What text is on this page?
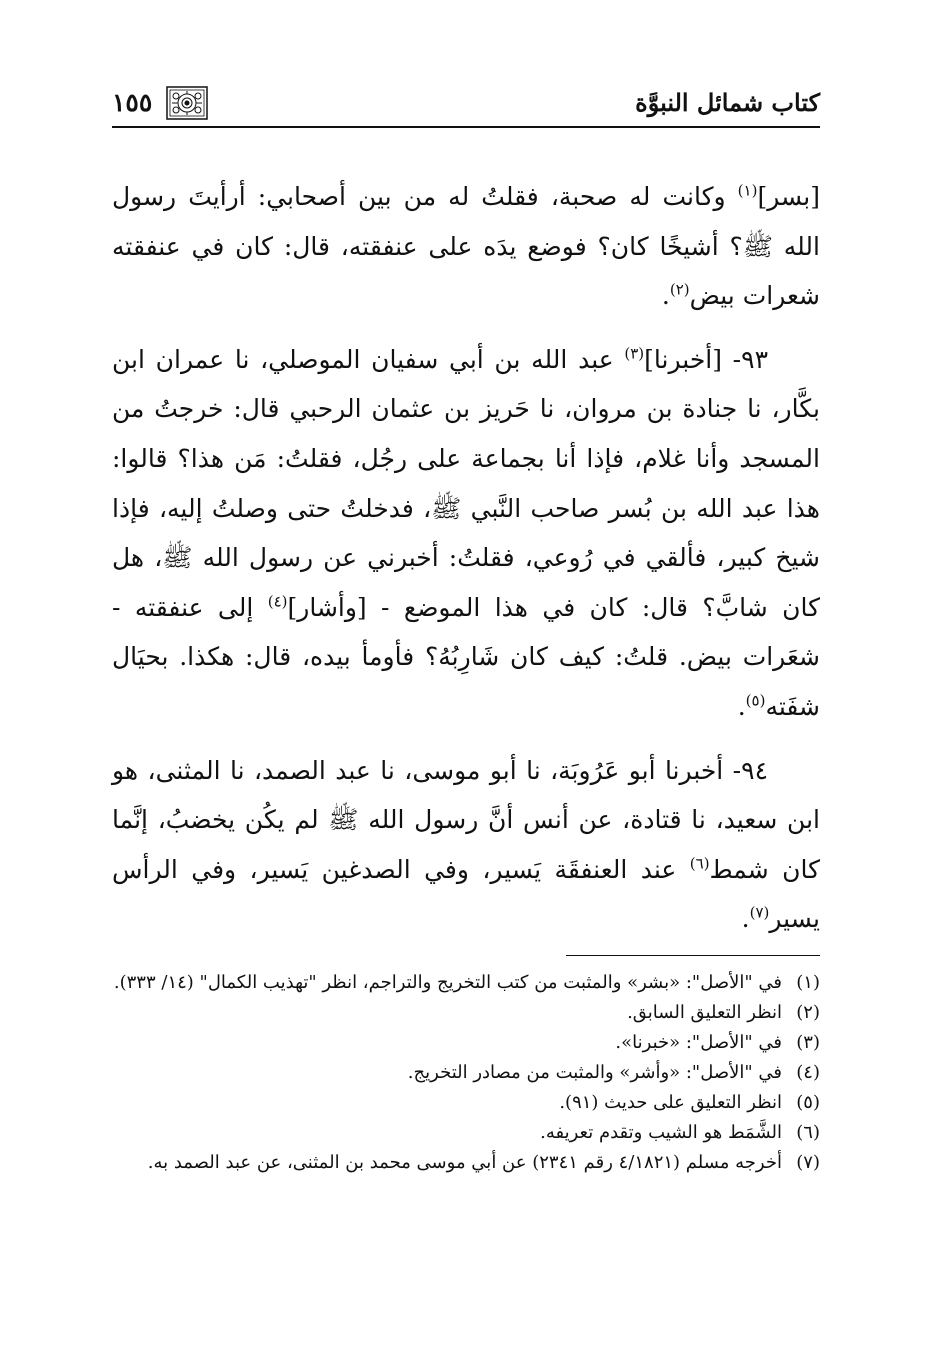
كتاب شمائل النبوَّة
١٥٥

[بسر]$^{(١)}$ وكانت له صحبة، فقلتُ له من بين أصحابي: أرأيتَ رسول الله ﷺ؟ أشيخًا كان؟ فوضع يدَه على عنفقته، قال: كان في عنفقته شعرات بيض$^{(٢)}$.

٩٣- [أخبرنا]$^{(٣)}$ عبد الله بن أبي سفيان الموصلي، نا عمران ابن بكَّار، نا جنادة بن مروان، نا حَريز بن عثمان الرحبي قال: خرجتُ من المسجد وأنا غلام، فإذا أنا بجماعة على رجُل، فقلتُ: مَن هذا؟ قالوا: هذا عبد الله بن بُسر صاحب النَّبي ﷺ، فدخلتُ حتى وصلتُ إليه، فإذا شيخ كبير، فألقي في رُوعي، فقلتُ: أخبرني عن رسول الله ﷺ، هل كان شابَّ؟ قال: كان في هذا الموضع - [وأشار]$^{(٤)}$ إلى عنفقته - شعَرات بيض. قلتُ: كيف كان شَارِبُهُ؟ فأومأ بيده، قال: هكذا. بحيَال شفَته$^{(٥)}$.

٩٤- أخبرنا أبو عَرُوبَة، نا أبو موسى، نا عبد الصمد، نا المثنى، هو ابن سعيد، نا قتادة، عن أنس أنَّ رسول الله ﷺ لم يكُن يخضبُ، إنَّما كان شمط$^{(٦)}$ عند العنفقَة يَسير، وفي الصدغين يَسير، وفي الرأس يسير$^{(٧)}$.

(١)
في "الأصل": «بشر» والمثبت من كتب التخريج والتراجم، انظر "تهذيب الكمال" (١٤/ ٣٣٣).
(٢)
انظر التعليق السابق.
(٣)
في "الأصل": «خبرنا».
(٤)
في "الأصل": «وأشر» والمثبت من مصادر التخريج.
(٥)
انظر التعليق على حديث (٩١).
(٦)
الشَّمَط هو الشيب وتقدم تعريفه.
(٧)
أخرجه مسلم (٤/١٨٢١ رقم ٢٣٤١) عن أبي موسى محمد بن المثنى، عن عبد الصمد به.
